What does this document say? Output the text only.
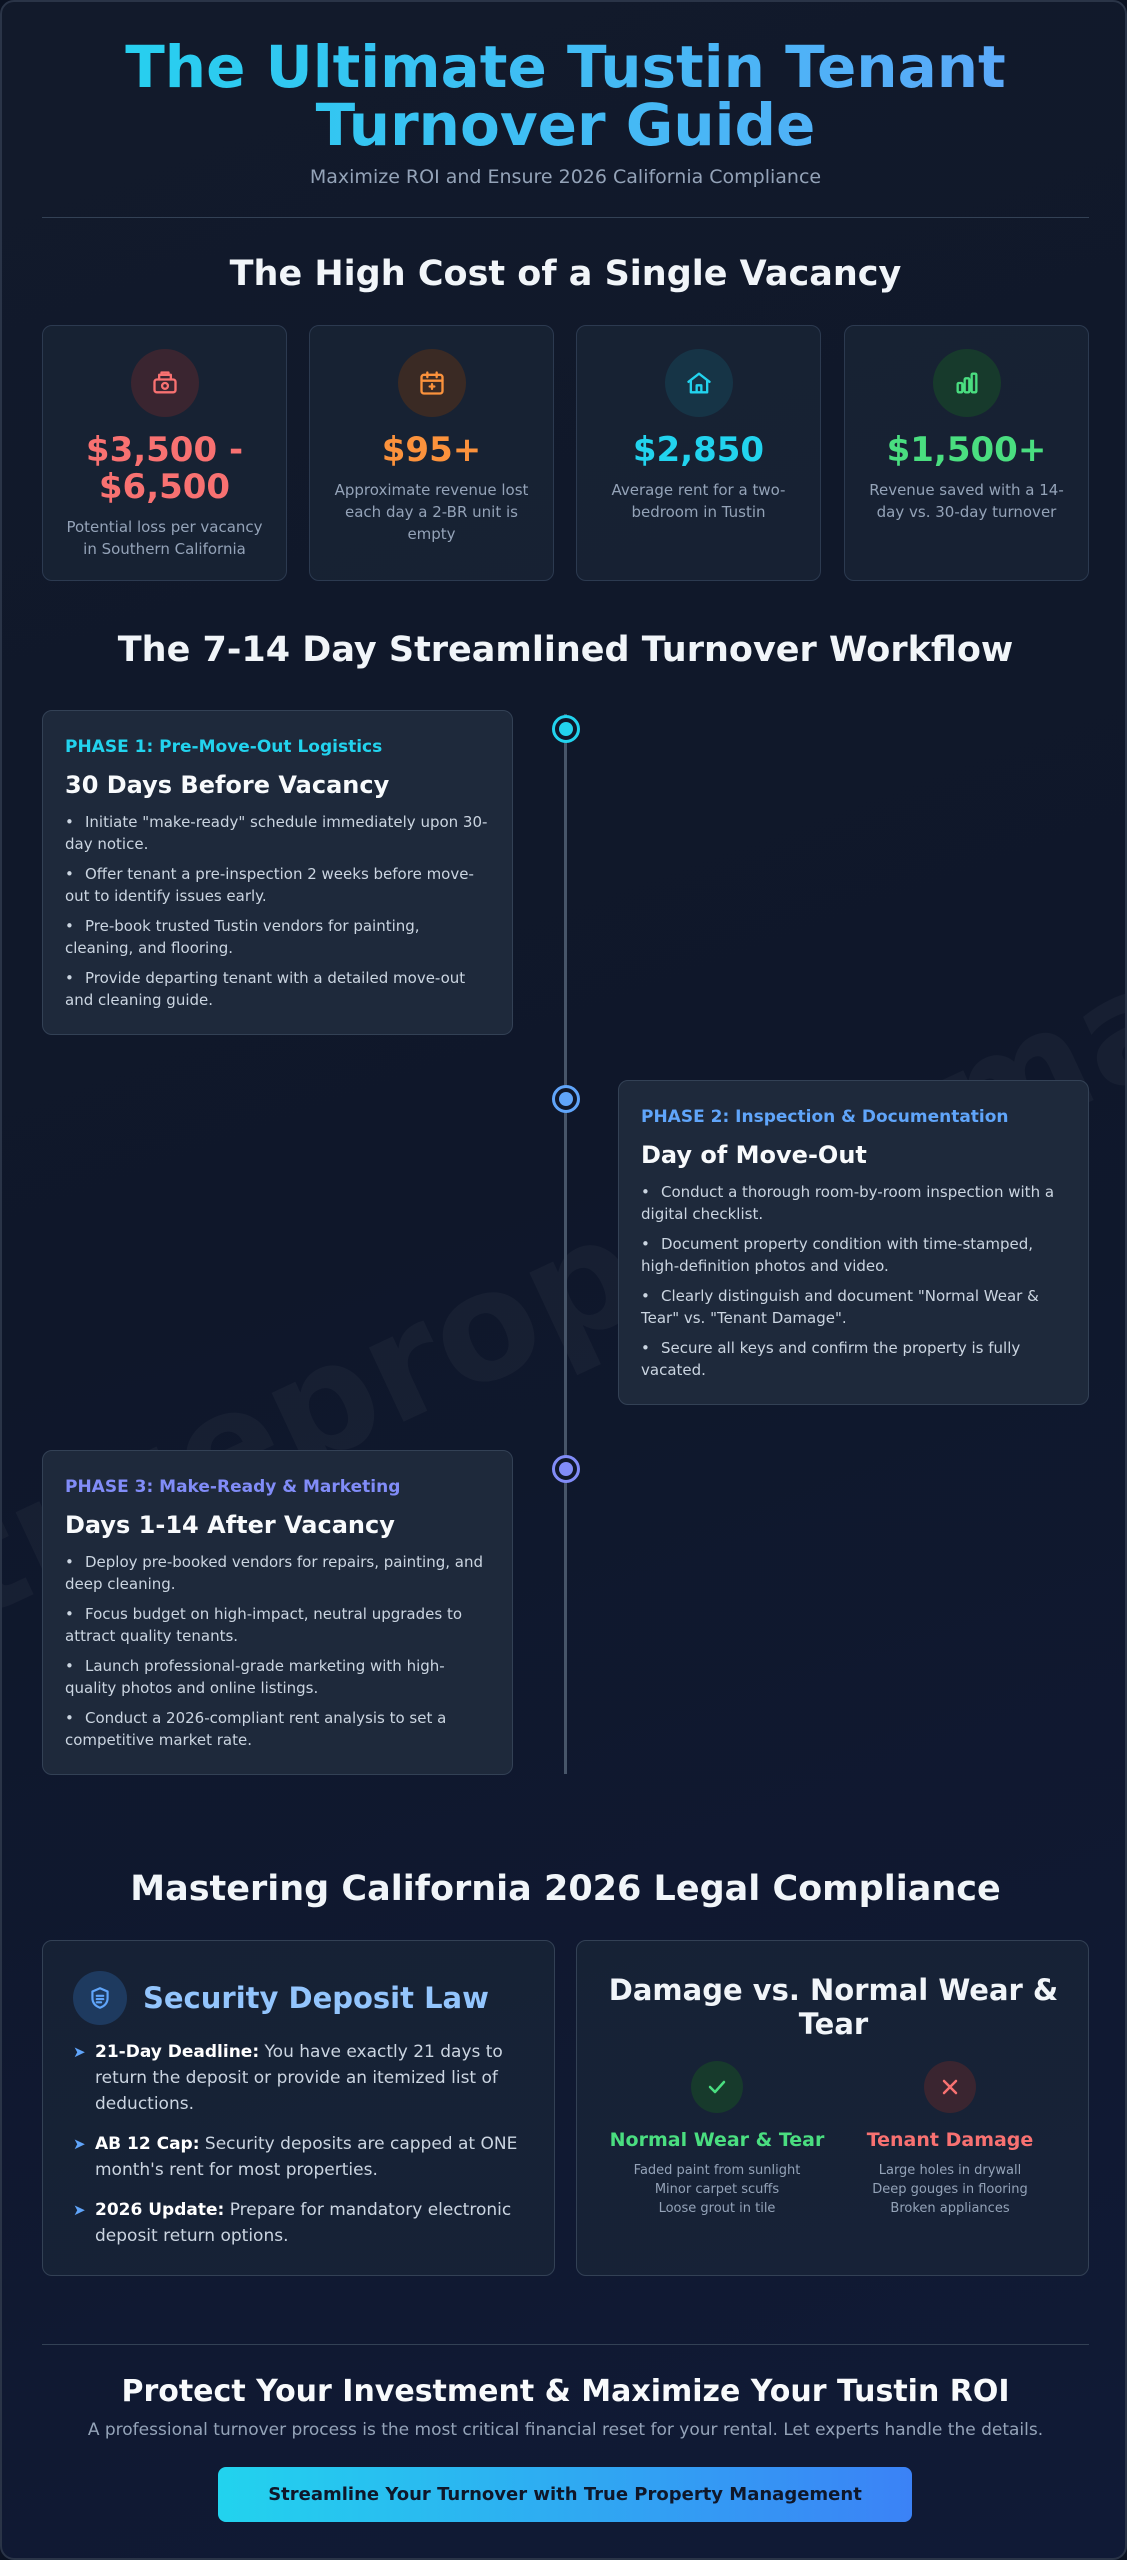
The Ultimate Tustin Tenant Turnover Guide
Maximize ROI and Ensure 2026 California Compliance
The High Cost of a Single Vacancy
$3,500 - $6,500
Potential loss per vacancy in Southern California
$95+
Approximate revenue lost each day a 2-BR unit is empty
$2,850
Average rent for a two-bedroom in Tustin
$1,500+
Revenue saved with a 14-day vs. 30-day turnover
The 7-14 Day Streamlined Turnover Workflow
PHASE 1: Pre-Move-Out Logistics
30 Days Before Vacancy
• Initiate "make-ready" schedule immediately upon 30-day notice.
• Offer tenant a pre-inspection 2 weeks before move-out to identify issues early.
• Pre-book trusted Tustin vendors for painting, cleaning, and flooring.
• Provide departing tenant with a detailed move-out and cleaning guide.
PHASE 2: Inspection & Documentation
Day of Move-Out
• Conduct a thorough room-by-room inspection with a digital checklist.
• Document property condition with time-stamped, high-definition photos and video.
• Clearly distinguish and document "Normal Wear & Tear" vs. "Tenant Damage".
• Secure all keys and confirm the property is fully vacated.
PHASE 3: Make-Ready & Marketing
Days 1-14 After Vacancy
• Deploy pre-booked vendors for repairs, painting, and deep cleaning.
• Focus budget on high-impact, neutral upgrades to attract quality tenants.
• Launch professional-grade marketing with high-quality photos and online listings.
• Conduct a 2026-compliant rent analysis to set a competitive market rate.
Mastering California 2026 Legal Compliance
Security Deposit Law
➤ 21-Day Deadline: You have exactly 21 days to return the deposit or provide an itemized list of deductions.
➤ AB 12 Cap: Security deposits are capped at ONE month's rent for most properties.
➤ 2026 Update: Prepare for mandatory electronic deposit return options.
Damage vs. Normal Wear & Tear
Normal Wear & Tear
Faded paint from sunlight
Minor carpet scuffs
Loose grout in tile
Tenant Damage
Large holes in drywall
Deep gouges in flooring
Broken appliances
Protect Your Investment & Maximize Your Tustin ROI
A professional turnover process is the most critical financial reset for your rental. Let experts handle the details.
Streamline Your Turnover with True Property Management
